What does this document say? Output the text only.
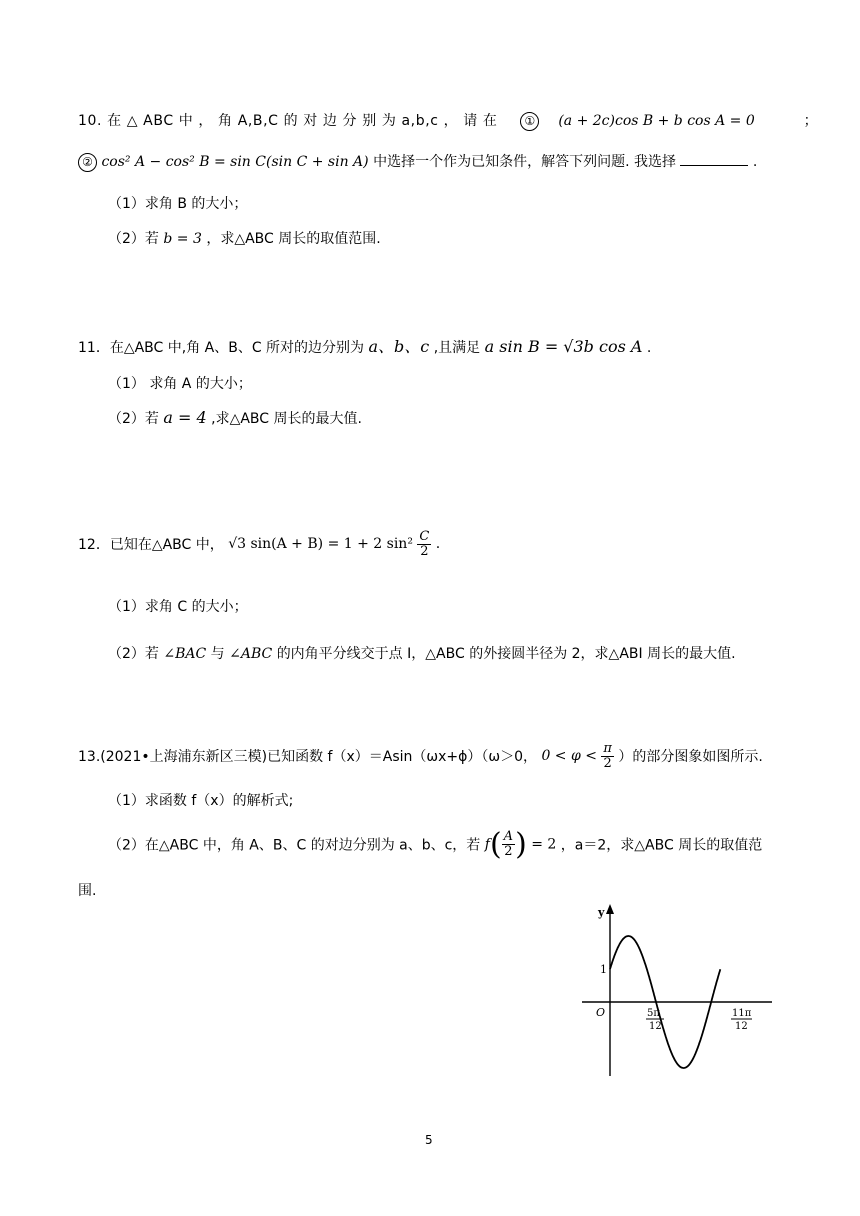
10. 在 △ ABC 中 ， 角 A,B,C 的 对 边 分 别 为 a,b,c ， 请 在 ① (a + 2c)cos B + b cos A = 0	；
② cos² A − cos² B = sin C(sin C + sin A) 中选择一个作为已知条件，解答下列问题. 我选择	.
（1）求角 B 的大小；
（2）若 b = 3 ，求△ABC 周长的取值范围.
11．在△ABC 中,角 A、B、C 所对的边分别为 a、b、c ,且满足 a sin B = √3b cos A .
（1） 求角 A 的大小；
（2）若 a = 4 ,求△ABC 周长的最大值.
12．已知在△ABC 中， √3 sin(A + B) = 1 + 2 $\sin^2 \frac{C}{2}$ .
（1）求角 C 的大小；
（2）若 ∠BAC 与 ∠ABC 的内角平分线交于点 I，△ABC 的外接圆半径为 2，求△ABI 周长的最大值.
13.(2021•上海浦东新区三模)已知函数 f（x）＝Asin（ωx+ϕ）（ω＞0， $0 < \varphi < \frac{\pi}{2}$ ）的部分图象如图所示.
（1）求函数 f（x）的解析式;
（2）在△ABC 中，角 A、B、C 的对边分别为 a、b、c，若 $f( \frac{A}{2}$ ) = 2 ，a＝2，求△ABC 周长的取值范
围.
y
1
O	5π
12
11π
12
5
